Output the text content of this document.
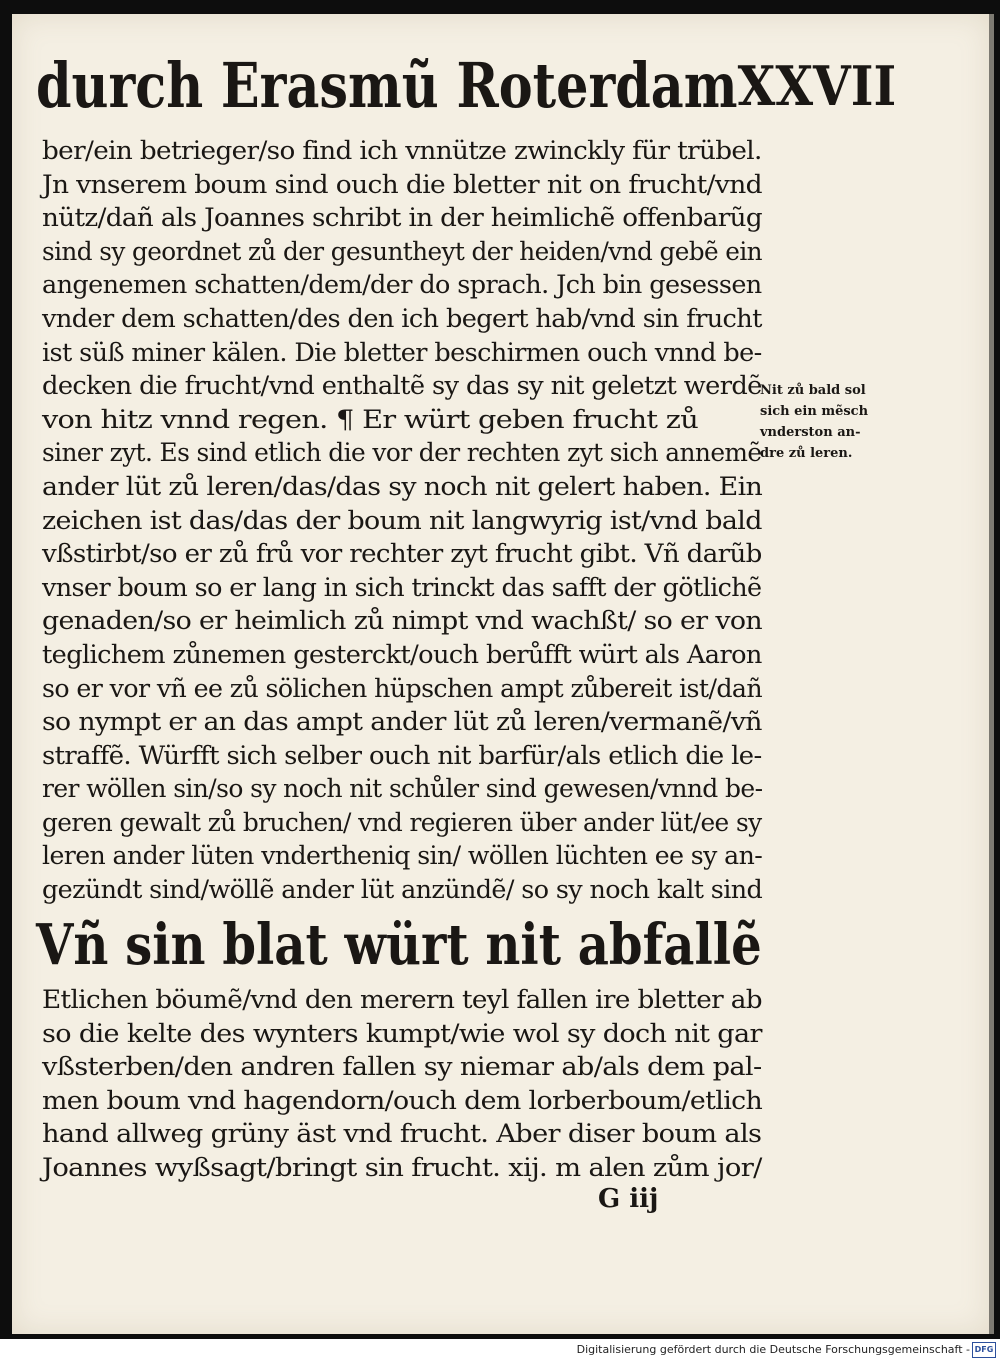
durch Erasmũ Roterdam XXVII
ber/ein betrieger/so find ich vnnütze zwinckly für trübel.
Jn vnserem boum sind ouch die bletter nit on frucht/vnd
nütz/dañ als Joannes schribt in der heimlichẽ offenbarũg
sind sy geordnet zů der gesuntheyt der heiden/vnd gebẽ ein
angenemen schatten/dem/der do sprach. Jch bin gesessen
vnder dem schatten/des den ich begert hab/vnd sin frucht
ist süß miner kälen. Die bletter beschirmen ouch vnnd be-
decken die frucht/vnd enthaltẽ sy das sy nit geletzt werdẽ
von hitz vnnd regen. ¶ Er würt geben frucht zů
siner zyt. Es sind etlich die vor der rechten zyt sich annemẽ
ander lüt zů leren/das/das sy noch nit gelert haben. Ein
zeichen ist das/das der boum nit langwyrig ist/vnd bald
vßstirbt/so er zů frů vor rechter zyt frucht gibt. Vñ darũb
vnser boum so er lang in sich trinckt das safft der götlichẽ
genaden/so er heimlich zů nimpt vnd wachßt/ so er von
teglichem zůnemen gesterckt/ouch berůfft würt als Aaron
so er vor vñ ee zů sölichen hüpschen ampt zůbereit ist/dañ
so nympt er an das ampt ander lüt zů leren/vermanẽ/vñ
straffẽ. Würfft sich selber ouch nit barfür/als etlich die le-
rer wöllen sin/so sy noch nit schůler sind gewesen/vnnd be-
geren gewalt zů bruchen/ vnd regieren über ander lüt/ee sy
leren ander lüten vndertheniq sin/ wöllen lüchten ee sy an-
gezündt sind/wöllẽ ander lüt anzündẽ/ so sy noch kalt sind
Nit zů bald sol
sich ein mẽsch
vnderston an-
dre zů leren.
Vñ sin blat würt nit abfallẽ
Etlichen böumẽ/vnd den merern teyl fallen ire bletter ab
so die kelte des wynters kumpt/wie wol sy doch nit gar
vßsterben/den andren fallen sy niemar ab/als dem pal-
men boum vnd hagendorn/ouch dem lorberboum/etlich
hand allweg grüny äst vnd frucht. Aber diser boum als
Joannes wyßsagt/bringt sin frucht. xij. m alen zům jor/
G iij
Digitalisierung gefördert durch die Deutsche Forschungsgemeinschaft - DFG
